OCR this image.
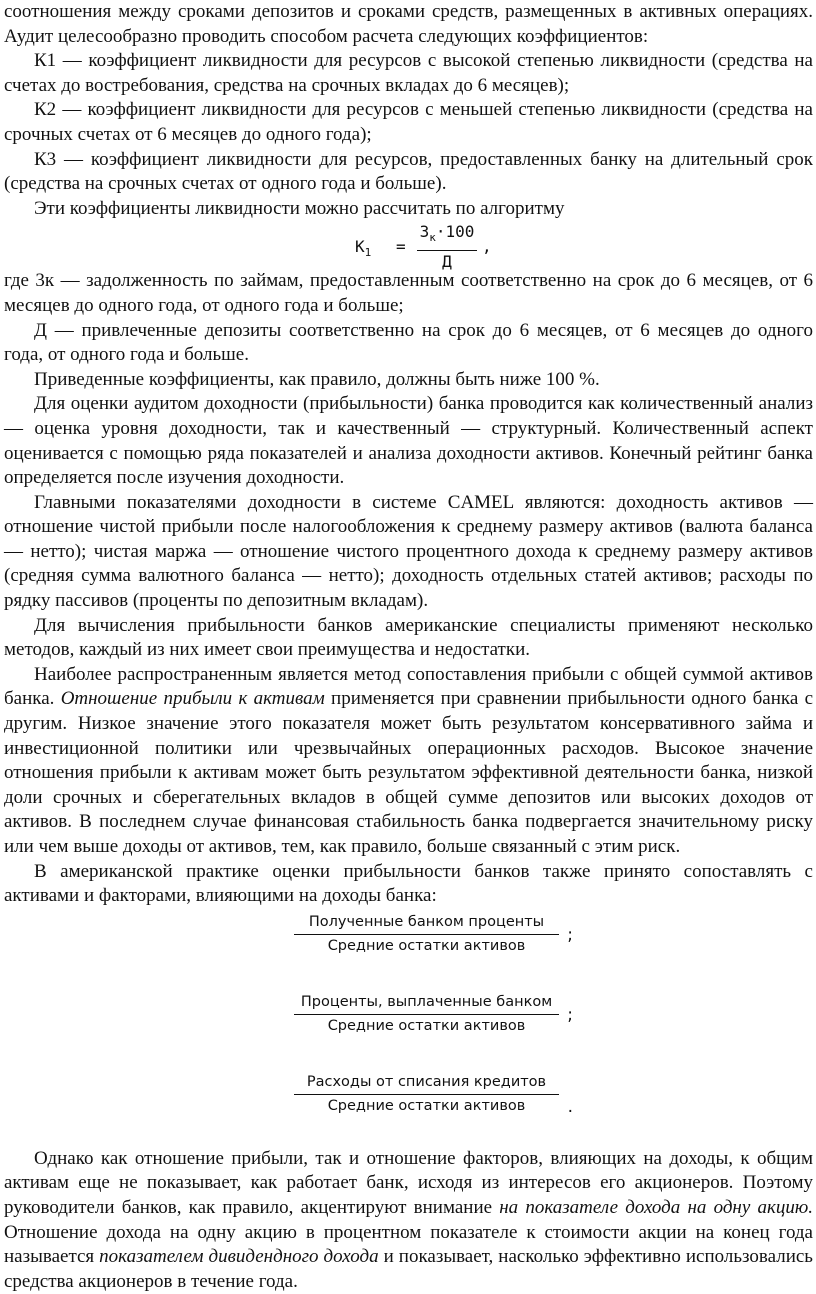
соотношения между сроками депозитов и сроками средств, размещенных в активных операциях. Аудит целесообразно проводить способом расчета следующих коэффициентов:

К1 — коэффициент ликвидности для ресурсов с высокой степенью ликвидности (средства на счетах до востребования, средства на срочных вкладах до 6 месяцев);

К2 — коэффициент ликвидности для ресурсов с меньшей степенью ликвидности (средства на срочных счетах от 6 месяцев до одного года);

К3 — коэффициент ликвидности для ресурсов, предоставленных банку на длительный срок (средства на срочных счетах от одного года и больше).

Эти коэффициенты ликвидности можно рассчитать по алгоритму

$К_1$ =
$З_к\cdot 100$
Д
,

где 3к — задолженность по займам, предоставленным соответственно на срок до 6 месяцев, от 6 месяцев до одного года, от одного года и больше;

Д — привлеченные депозиты соответственно на срок до 6 месяцев, от 6 месяцев до одного года, от одного года и больше.

Приведенные коэффициенты, как правило, должны быть ниже 100 %.

Для оценки аудитом доходности (прибыльности) банка проводится как количественный анализ — оценка уровня доходности, так и качественный — структурный. Количественный аспект оценивается с помощью ряда показателей и анализа доходности активов. Конечный рейтинг банка определяется после изучения доходности.

Главными показателями доходности в системе CAMEL являются: доходность активов — отношение чистой прибыли после налогообложения к среднему размеру активов (валюта баланса — нетто); чистая маржа — отношение чистого процентного дохода к среднему размеру активов (средняя сумма валютного баланса — нетто); доходность отдельных статей активов; расходы по рядку пассивов (проценты по депозитным вкладам).

Для вычисления прибыльности банков американские специалисты применяют несколько методов, каждый из них имеет свои преимущества и недостатки.

Наиболее распространенным является метод сопоставления прибыли с общей суммой активов банка. Отношение прибыли к активам применяется при сравнении прибыльности одного банка с другим. Низкое значение этого показателя может быть результатом консервативного займа и инвестиционной политики или чрезвычайных операционных расходов. Высокое значение отношения прибыли к активам может быть результатом эффективной деятельности банка, низкой доли срочных и сберегательных вкладов в общей сумме депозитов или высоких доходов от активов. В последнем случае финансовая стабильность банка подвергается значительному риску или чем выше доходы от активов, тем, как правило, больше связанный с этим риск.

В американской практике оценки прибыльности банков также принято сопоставлять с активами и факторами, влияющими на доходы банка:

Полученные банком проценты
Средние остатки активов
;
Проценты, выплаченные банком
Средние остатки активов
;
Расходы от списания кредитов
Средние остатки активов	.

Однако как отношение прибыли, так и отношение факторов, влияющих на доходы, к общим активам еще не показывает, как работает банк, исходя из интересов его акционеров. Поэтому руководители банков, как правило, акцентируют внимание на показателе дохода на одну акцию. Отношение дохода на одну акцию в процентном показателе к стоимости акции на конец года называется показателем дивидендного дохода и показывает, насколько эффективно использовались средства акционеров в течение года.
